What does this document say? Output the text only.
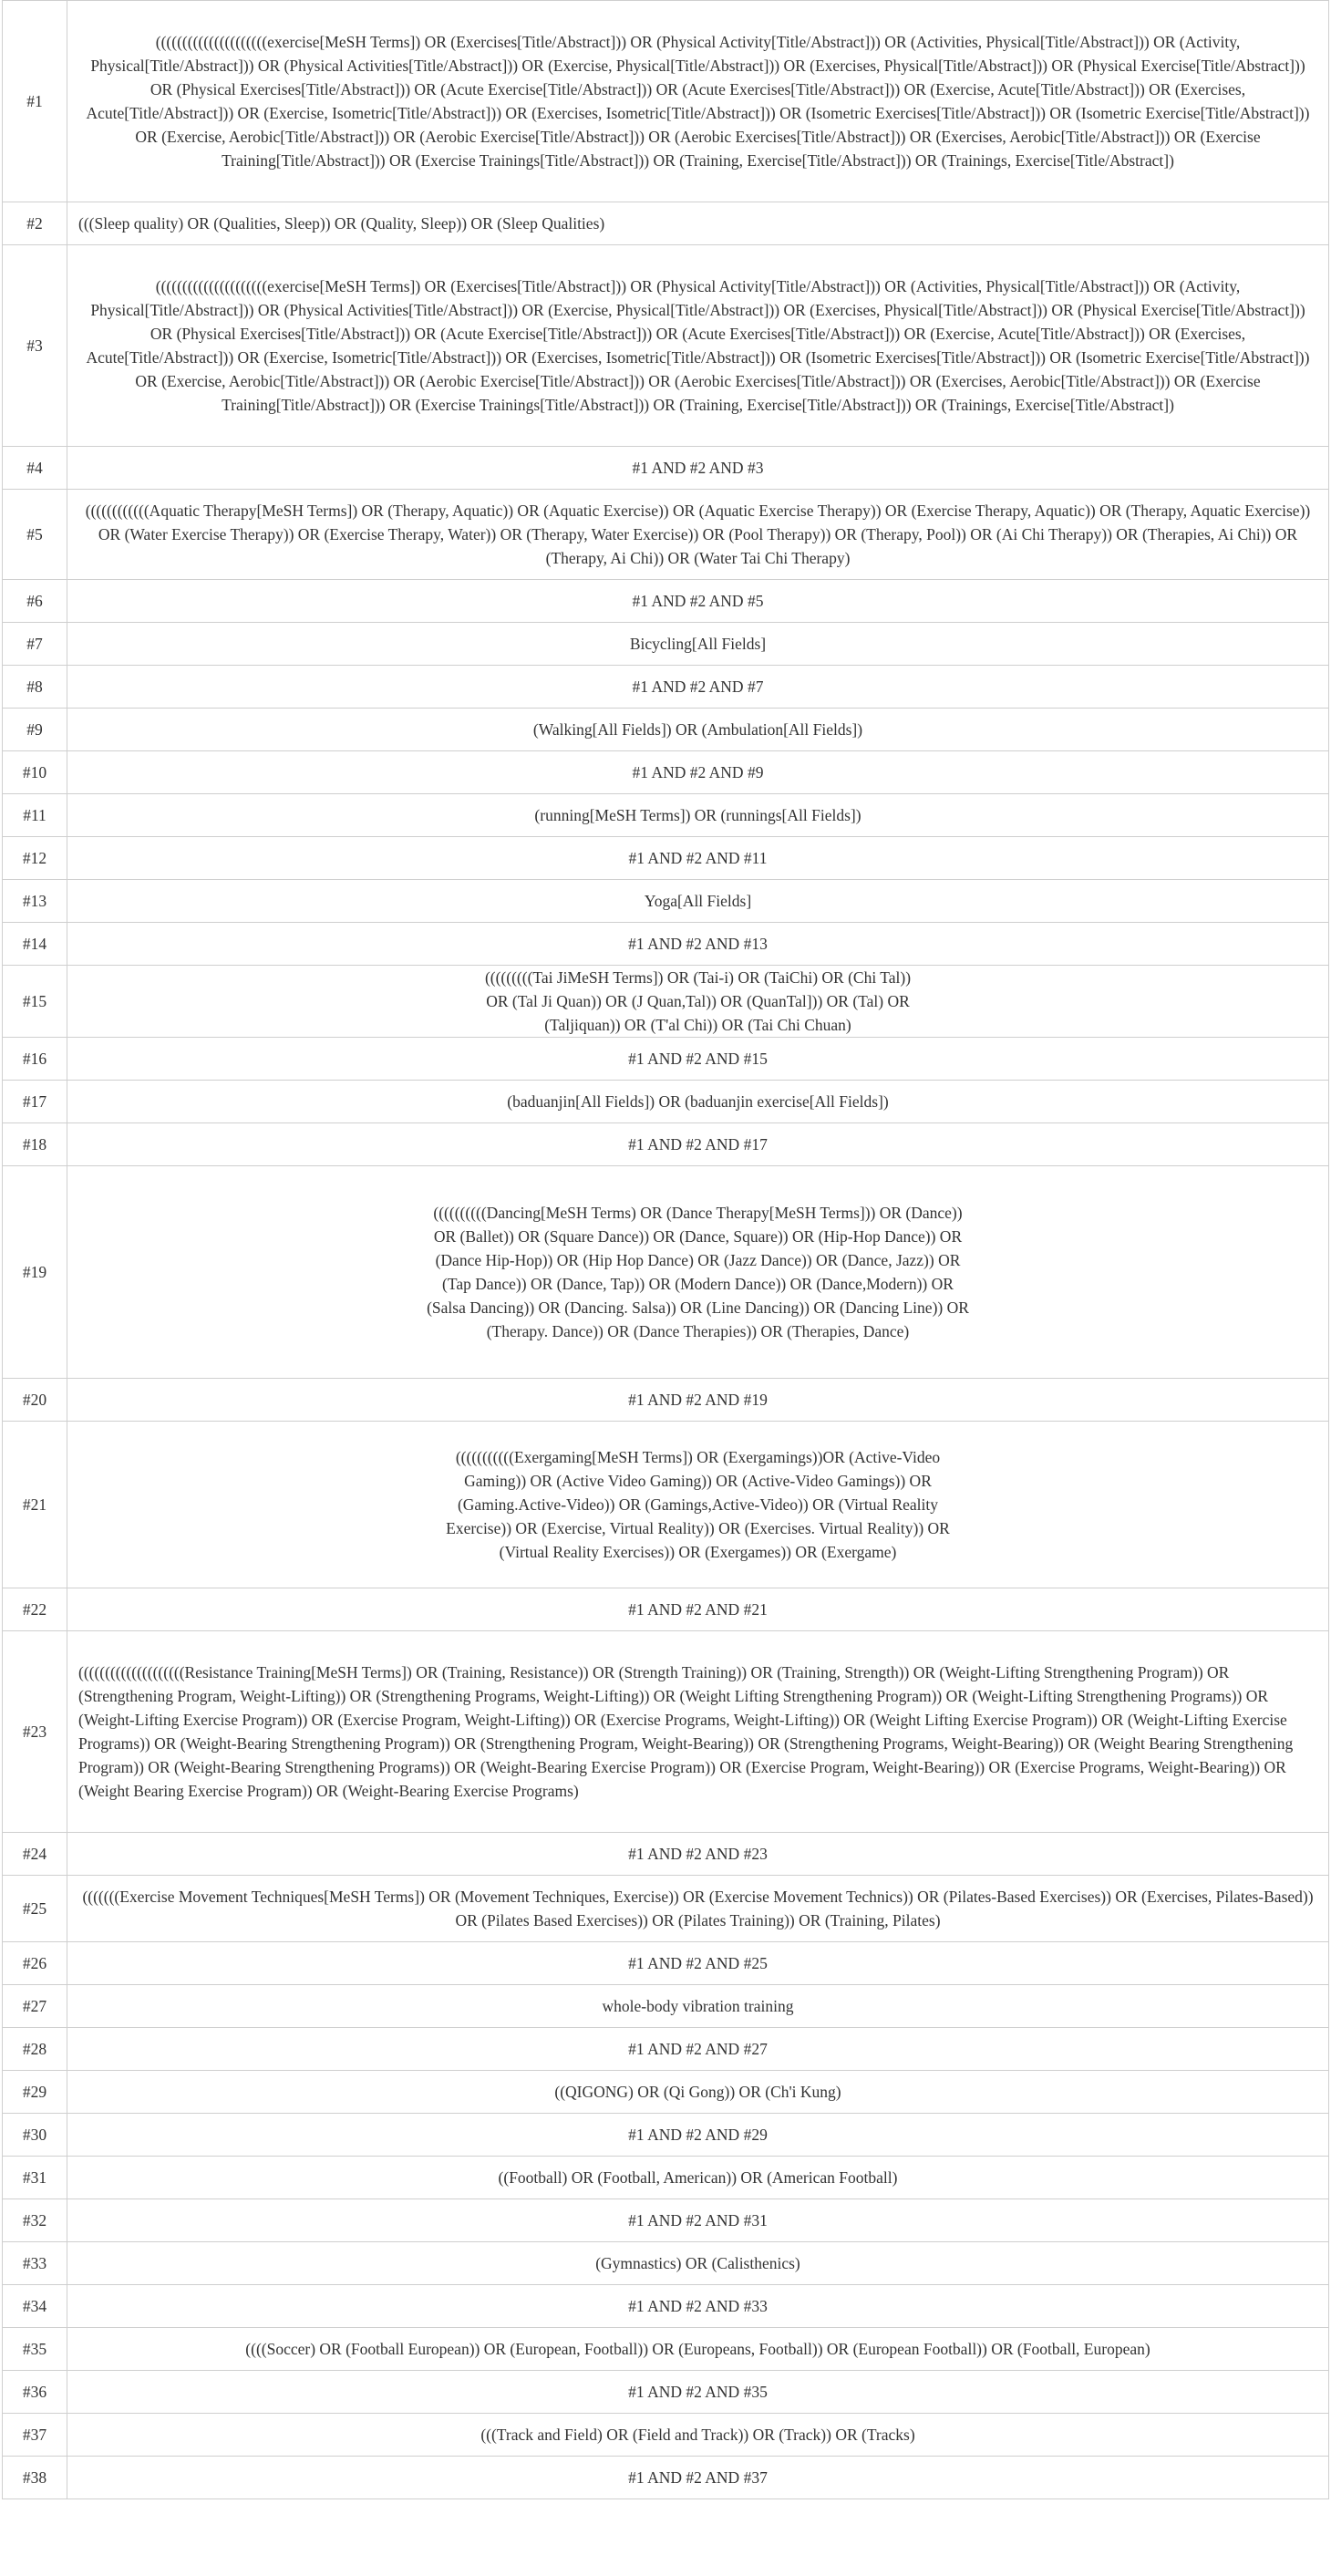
#1	(((((((((((((((((((((exercise[MeSH Terms]) OR (Exercises[Title/Abstract])) OR (Physical Activity[Title/Abstract])) OR (Activities, Physical[Title/Abstract])) OR (Activity, Physical[Title/Abstract])) OR (Physical Activities[Title/Abstract])) OR (Exercise, Physical[Title/Abstract])) OR (Exercises, Physical[Title/Abstract])) OR (Physical Exercise[Title/Abstract])) OR (Physical Exercises[Title/Abstract])) OR (Acute Exercise[Title/Abstract])) OR (Acute Exercises[Title/Abstract])) OR (Exercise, Acute[Title/Abstract])) OR (Exercises, Acute[Title/Abstract])) OR (Exercise, Isometric[Title/Abstract])) OR (Exercises, Isometric[Title/Abstract])) OR (Isometric Exercises[Title/Abstract])) OR (Isometric Exercise[Title/Abstract])) OR (Exercise, Aerobic[Title/Abstract])) OR (Aerobic Exercise[Title/Abstract])) OR (Aerobic Exercises[Title/Abstract])) OR (Exercises, Aerobic[Title/Abstract])) OR (Exercise Training[Title/Abstract])) OR (Exercise Trainings[Title/Abstract])) OR (Training, Exercise[Title/Abstract])) OR (Trainings, Exercise[Title/Abstract])
#2	(((Sleep quality) OR (Qualities, Sleep)) OR (Quality, Sleep)) OR (Sleep Qualities)
#3	(((((((((((((((((((((exercise[MeSH Terms]) OR (Exercises[Title/Abstract])) OR (Physical Activity[Title/Abstract])) OR (Activities, Physical[Title/Abstract])) OR (Activity, Physical[Title/Abstract])) OR (Physical Activities[Title/Abstract])) OR (Exercise, Physical[Title/Abstract])) OR (Exercises, Physical[Title/Abstract])) OR (Physical Exercise[Title/Abstract])) OR (Physical Exercises[Title/Abstract])) OR (Acute Exercise[Title/Abstract])) OR (Acute Exercises[Title/Abstract])) OR (Exercise, Acute[Title/Abstract])) OR (Exercises, Acute[Title/Abstract])) OR (Exercise, Isometric[Title/Abstract])) OR (Exercises, Isometric[Title/Abstract])) OR (Isometric Exercises[Title/Abstract])) OR (Isometric Exercise[Title/Abstract])) OR (Exercise, Aerobic[Title/Abstract])) OR (Aerobic Exercise[Title/Abstract])) OR (Aerobic Exercises[Title/Abstract])) OR (Exercises, Aerobic[Title/Abstract])) OR (Exercise Training[Title/Abstract])) OR (Exercise Trainings[Title/Abstract])) OR (Training, Exercise[Title/Abstract])) OR (Trainings, Exercise[Title/Abstract])
#4	#1 AND #2 AND #3
#5	((((((((((((Aquatic Therapy[MeSH Terms]) OR (Therapy, Aquatic)) OR (Aquatic Exercise)) OR (Aquatic Exercise Therapy)) OR (Exercise Therapy, Aquatic)) OR (Therapy, Aquatic Exercise)) OR (Water Exercise Therapy)) OR (Exercise Therapy, Water)) OR (Therapy, Water Exercise)) OR (Pool Therapy)) OR (Therapy, Pool)) OR (Ai Chi Therapy)) OR (Therapies, Ai Chi)) OR (Therapy, Ai Chi)) OR (Water Tai Chi Therapy)
#6	#1 AND #2 AND #5
#7	Bicycling[All Fields]
#8	#1 AND #2 AND #7
#9	(Walking[All Fields]) OR (Ambulation[All Fields])
#10	#1 AND #2 AND #9
#11	(running[MeSH Terms]) OR (runnings[All Fields])
#12	#1 AND #2 AND #11
#13	Yoga[All Fields]
#14	#1 AND #2 AND #13
#15	(((((((((Tai JiMeSH Terms]) OR (Tai-i) OR (TaiChi) OR (Chi Tal)) OR (Tal Ji Quan)) OR (J Quan,Tal)) OR (QuanTal])) OR (Tal) OR (Taljiquan)) OR (T'al Chi)) OR (Tai Chi Chuan)

#16	#1 AND #2 AND #15
#17	(baduanjin[All Fields]) OR (baduanjin exercise[All Fields])
#18	#1 AND #2 AND #17
#19	((((((((((Dancing[MeSH Terms) OR (Dance Therapy[MeSH Terms])) OR (Dance)) OR (Ballet)) OR (Square Dance)) OR (Dance, Square)) OR (Hip-Hop Dance)) OR (Dance Hip-Hop)) OR (Hip Hop Dance) OR (Jazz Dance)) OR (Dance, Jazz)) OR (Tap Dance)) OR (Dance, Tap)) OR (Modern Dance)) OR (Dance,Modern)) OR (Salsa Dancing)) OR (Dancing. Salsa)) OR (Line Dancing)) OR (Dancing Line)) OR (Therapy. Dance)) OR (Dance Therapies)) OR (Therapies, Dance)

#20	#1 AND #2 AND #19
#21	(((((((((((Exergaming[MeSH Terms]) OR (Exergamings))OR (Active-Video Gaming)) OR (Active Video Gaming)) OR (Active-Video Gamings)) OR (Gaming.Active-Video)) OR (Gamings,Active-Video)) OR (Virtual Reality Exercise)) OR (Exercise, Virtual Reality)) OR (Exercises. Virtual Reality)) OR (Virtual Reality Exercises)) OR (Exergames)) OR (Exergame)

#22	#1 AND #2 AND #21
#23	((((((((((((((((((((Resistance Training[MeSH Terms]) OR (Training, Resistance)) OR (Strength Training)) OR (Training, Strength)) OR (Weight-Lifting Strengthening Program)) OR (Strengthening Program, Weight-Lifting)) OR (Strengthening Programs, Weight-Lifting)) OR (Weight Lifting Strengthening Program)) OR (Weight-Lifting Strengthening Programs)) OR (Weight-Lifting Exercise Program)) OR (Exercise Program, Weight-Lifting)) OR (Exercise Programs, Weight-Lifting)) OR (Weight Lifting Exercise Program)) OR (Weight-Lifting Exercise Programs)) OR (Weight-Bearing Strengthening Program)) OR (Strengthening Program, Weight-Bearing)) OR (Strengthening Programs, Weight-Bearing)) OR (Weight Bearing Strengthening Program)) OR (Weight-Bearing Strengthening Programs)) OR (Weight-Bearing Exercise Program)) OR (Exercise Program, Weight-Bearing)) OR (Exercise Programs, Weight-Bearing)) OR (Weight Bearing Exercise Program)) OR (Weight-Bearing Exercise Programs)
#24	#1 AND #2 AND #23
#25	(((((((Exercise Movement Techniques[MeSH Terms]) OR (Movement Techniques, Exercise)) OR (Exercise Movement Technics)) OR (Pilates-Based Exercises)) OR (Exercises, Pilates-Based)) OR (Pilates Based Exercises)) OR (Pilates Training)) OR (Training, Pilates)
#26	#1 AND #2 AND #25
#27	whole-body vibration training
#28	#1 AND #2 AND #27
#29	((QIGONG) OR (Qi Gong)) OR (Ch'i Kung)
#30	#1 AND #2 AND #29
#31	((Football) OR (Football, American)) OR (American Football)
#32	#1 AND #2 AND #31
#33	(Gymnastics) OR (Calisthenics)
#34	#1 AND #2 AND #33
#35	((((Soccer) OR (Football European)) OR (European, Football)) OR (Europeans, Football)) OR (European Football)) OR (Football, European)
#36	#1 AND #2 AND #35
#37	(((Track and Field) OR (Field and Track)) OR (Track)) OR (Tracks)
#38	#1 AND #2 AND #37
